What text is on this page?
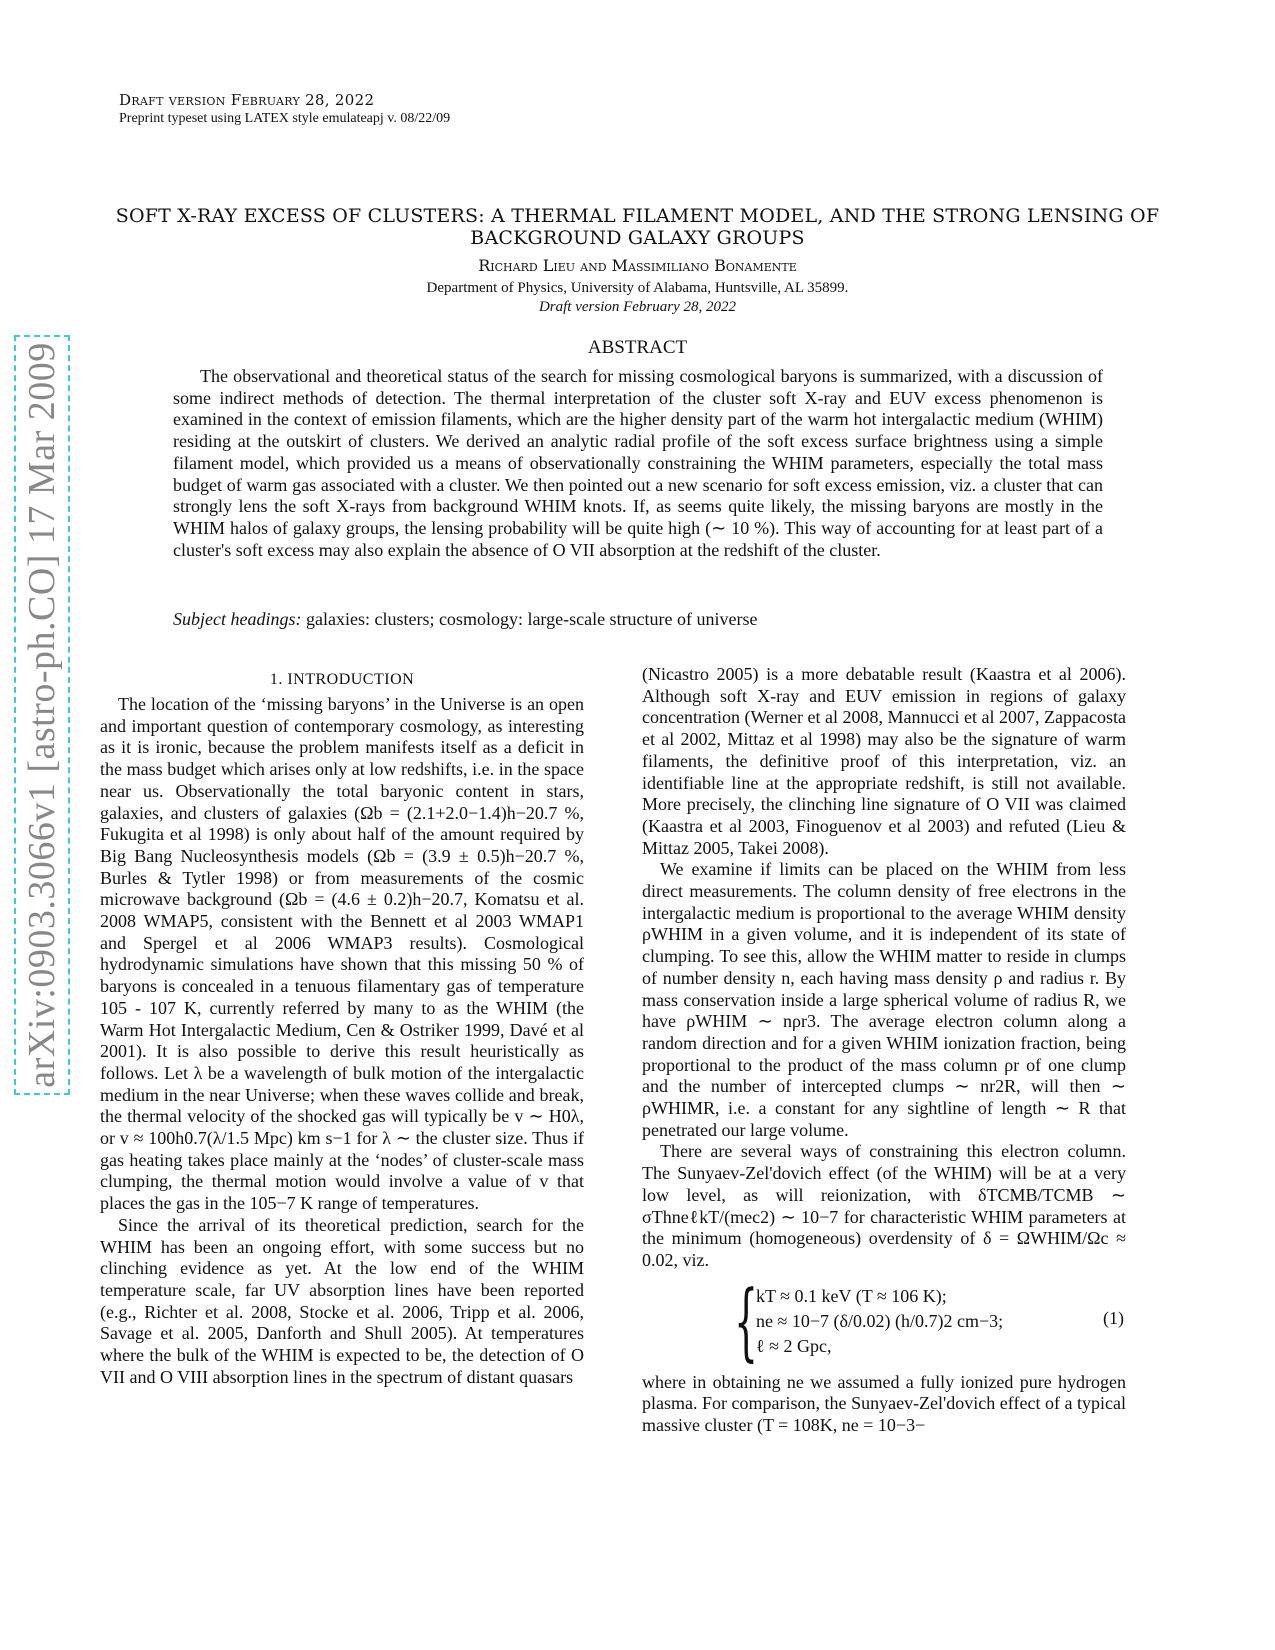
Draft version February 28, 2022
Preprint typeset using LATEX style emulateapj v. 08/22/09
arXiv:0903.3066v1 [astro-ph.CO] 17 Mar 2009
SOFT X-RAY EXCESS OF CLUSTERS: A THERMAL FILAMENT MODEL, AND THE STRONG LENSING OF BACKGROUND GALAXY GROUPS
Richard Lieu and Massimiliano Bonamente
Department of Physics, University of Alabama, Huntsville, AL 35899.
Draft version February 28, 2022
ABSTRACT
The observational and theoretical status of the search for missing cosmological baryons is summarized, with a discussion of some indirect methods of detection. The thermal interpretation of the cluster soft X-ray and EUV excess phenomenon is examined in the context of emission filaments, which are the higher density part of the warm hot intergalactic medium (WHIM) residing at the outskirt of clusters. We derived an analytic radial profile of the soft excess surface brightness using a simple filament model, which provided us a means of observationally constraining the WHIM parameters, especially the total mass budget of warm gas associated with a cluster. We then pointed out a new scenario for soft excess emission, viz. a cluster that can strongly lens the soft X-rays from background WHIM knots. If, as seems quite likely, the missing baryons are mostly in the WHIM halos of galaxy groups, the lensing probability will be quite high (∼ 10 %). This way of accounting for at least part of a cluster's soft excess may also explain the absence of O VII absorption at the redshift of the cluster.
Subject headings: galaxies: clusters; cosmology: large-scale structure of universe
1. INTRODUCTION

The location of the ‘missing baryons’ in the Universe is an open and important question of contemporary cosmology, as interesting as it is ironic, because the problem manifests itself as a deficit in the mass budget which arises only at low redshifts, i.e. in the space near us. Observationally the total baryonic content in stars, galaxies, and clusters of galaxies (Ωb = (2.1+2.0−1.4)h−20.7 %, Fukugita et al 1998) is only about half of the amount required by Big Bang Nucleosynthesis models (Ωb = (3.9 ± 0.5)h−20.7 %, Burles & Tytler 1998) or from measurements of the cosmic microwave background (Ωb = (4.6 ± 0.2)h−20.7, Komatsu et al. 2008 WMAP5, consistent with the Bennett et al 2003 WMAP1 and Spergel et al 2006 WMAP3 results). Cosmological hydrodynamic simulations have shown that this missing 50 % of baryons is concealed in a tenuous filamentary gas of temperature 105 - 107 K, currently referred by many to as the WHIM (the Warm Hot Intergalactic Medium, Cen & Ostriker 1999, Davé et al 2001). It is also possible to derive this result heuristically as follows. Let λ be a wavelength of bulk motion of the intergalactic medium in the near Universe; when these waves collide and break, the thermal velocity of the shocked gas will typically be v ∼ H0λ, or v ≈ 100h0.7(λ/1.5 Mpc) km s−1 for λ ∼ the cluster size. Thus if gas heating takes place mainly at the ‘nodes’ of cluster-scale mass clumping, the thermal motion would involve a value of v that places the gas in the 105−7 K range of temperatures.

Since the arrival of its theoretical prediction, search for the WHIM has been an ongoing effort, with some success but no clinching evidence as yet. At the low end of the WHIM temperature scale, far UV absorption lines have been reported (e.g., Richter et al. 2008, Stocke et al. 2006, Tripp et al. 2006, Savage et al. 2005, Danforth and Shull 2005). At temperatures where the bulk of the WHIM is expected to be, the detection of O VII and O VIII absorption lines in the spectrum of distant quasars

(Nicastro 2005) is a more debatable result (Kaastra et al 2006). Although soft X-ray and EUV emission in regions of galaxy concentration (Werner et al 2008, Mannucci et al 2007, Zappacosta et al 2002, Mittaz et al 1998) may also be the signature of warm filaments, the definitive proof of this interpretation, viz. an identifiable line at the appropriate redshift, is still not available. More precisely, the clinching line signature of O VII was claimed (Kaastra et al 2003, Finoguenov et al 2003) and refuted (Lieu & Mittaz 2005, Takei 2008).

We examine if limits can be placed on the WHIM from less direct measurements. The column density of free electrons in the intergalactic medium is proportional to the average WHIM density ρWHIM in a given volume, and it is independent of its state of clumping. To see this, allow the WHIM matter to reside in clumps of number density n, each having mass density ρ and radius r. By mass conservation inside a large spherical volume of radius R, we have ρWHIM ∼ nρr3. The average electron column along a random direction and for a given WHIM ionization fraction, being proportional to the product of the mass column ρr of one clump and the number of intercepted clumps ∼ nr2R, will then ∼ ρWHIMR, i.e. a constant for any sightline of length ∼ R that penetrated our large volume.

There are several ways of constraining this electron column. The Sunyaev-Zel'dovich effect (of the WHIM) will be at a very low level, as will reionization, with δTCMB/TCMB ∼ σThneℓkT/(mec2) ∼ 10−7 for characteristic WHIM parameters at the minimum (homogeneous) overdensity of δ = ΩWHIM/Ωc ≈ 0.02, viz.

{
kT ≈ 0.1 keV (T ≈ 106 K);
ne ≈ 10−7 (δ/0.02) (h/0.7)2 cm−3;
ℓ ≈ 2 Gpc,
(1)

where in obtaining ne we assumed a fully ionized pure hydrogen plasma. For comparison, the Sunyaev-Zel'dovich effect of a typical massive cluster (T = 108K, ne = 10−3−
